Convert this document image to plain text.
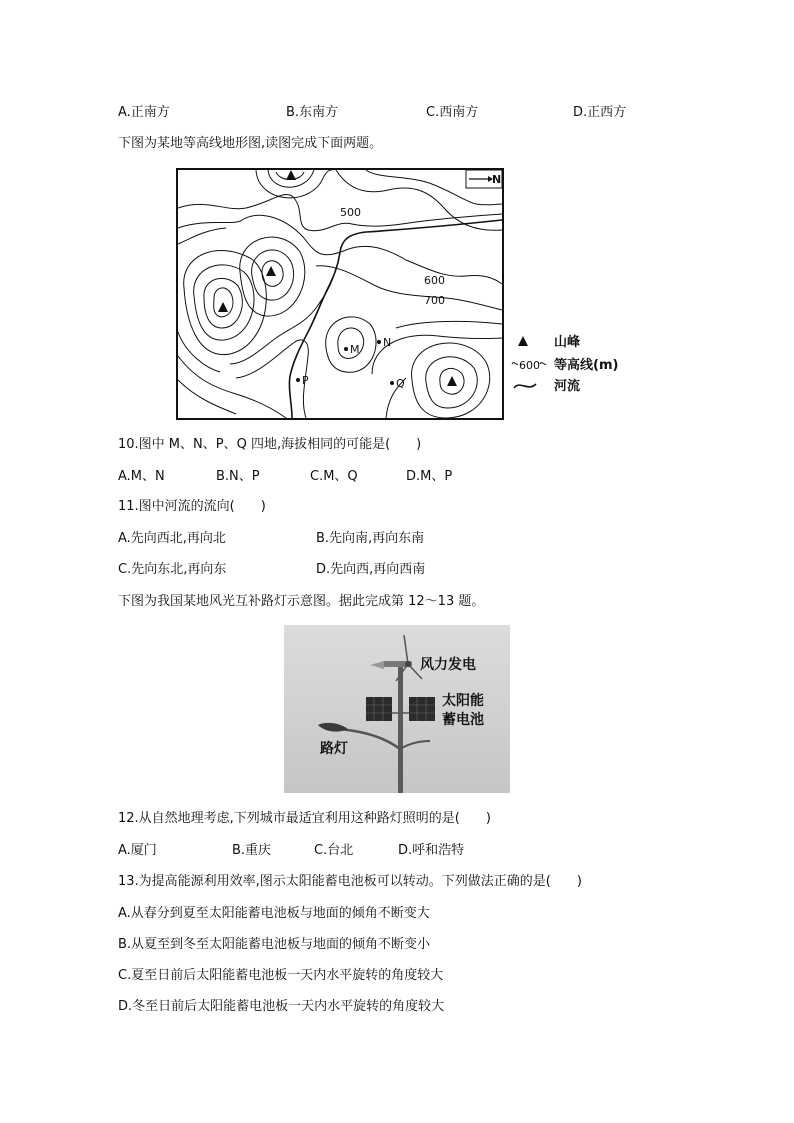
A.正南方	B.东南方	C.西南方	D.正西方
下图为某地等高线地形图,读图完成下面两题。
N
500
600
700
M
N
P	Q
山峰
600 等高线(m)
河流
10.图中 M、N、P、Q 四地,海拔相同的可能是(　　)
A.M、N	B.N、P	C.M、Q	D.M、P
11.图中河流的流向(　　)
A.先向西北,再向北	B.先向南,再向东南
C.先向东北,再向东	D.先向西,再向西南
下图为我国某地风光互补路灯示意图。据此完成第 12～13 题。
风力发电
太阳能
蓄电池
路灯
12.从自然地理考虑,下列城市最适宜利用这种路灯照明的是(　　)
A.厦门	B.重庆	C.台北	D.呼和浩特
13.为提高能源利用效率,图示太阳能蓄电池板可以转动。下列做法正确的是(　　)
A.从春分到夏至太阳能蓄电池板与地面的倾角不断变大
B.从夏至到冬至太阳能蓄电池板与地面的倾角不断变小
C.夏至日前后太阳能蓄电池板一天内水平旋转的角度较大
D.冬至日前后太阳能蓄电池板一天内水平旋转的角度较大
